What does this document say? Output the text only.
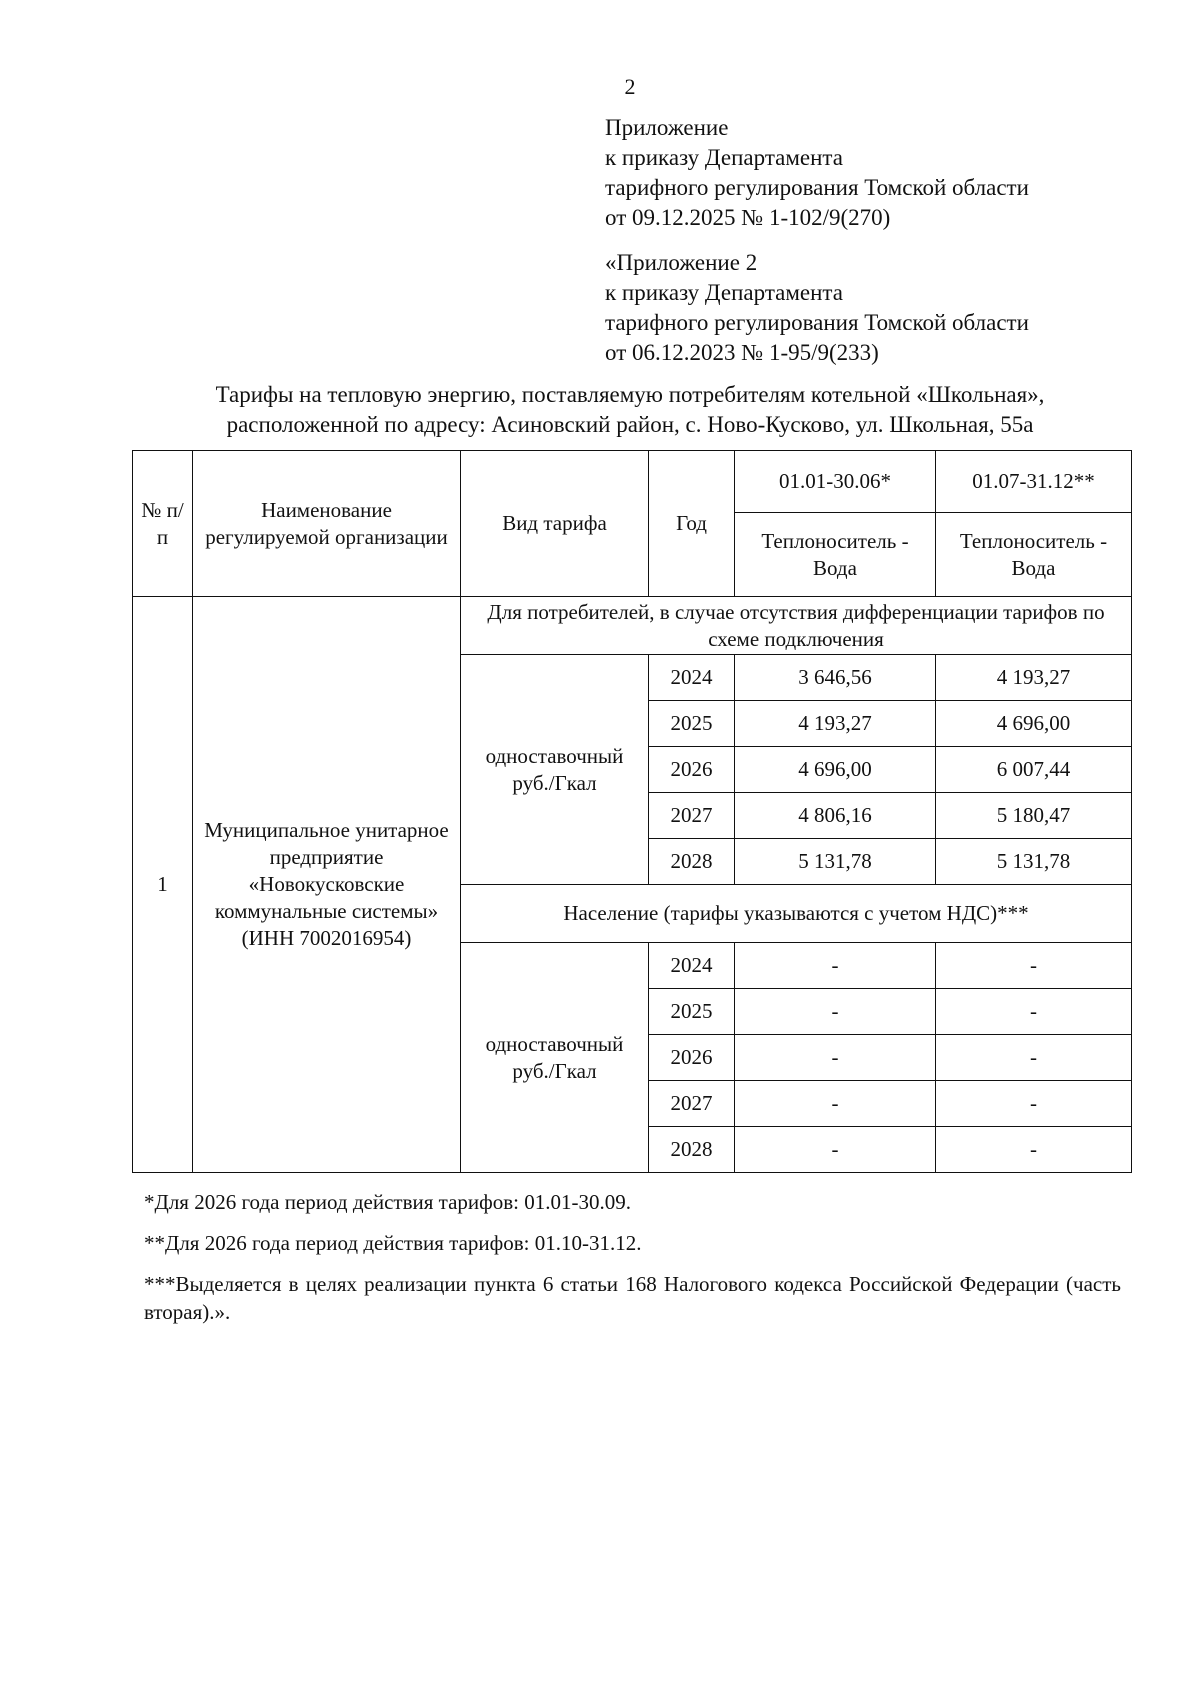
2
Приложение
к приказу Департамента
тарифного регулирования Томской области
от 09.12.2025 № 1-102/9(270)
«Приложение 2
к приказу Департамента
тарифного регулирования Томской области
от 06.12.2023 № 1-95/9(233)
Тарифы на тепловую энергию, поставляемую потребителям котельной «Школьная»,
расположенной по адресу: Асиновский район, с. Ново-Кусково, ул. Школьная, 55а
№ п/п	Наименование регулируемой организации	Вид тарифа	Год	01.01-30.06*	01.07-31.12**
				Теплоноситель - Вода	Теплоноситель - Вода
1	Муниципальное унитарное предприятие «Новокусковские коммунальные системы» (ИНН 7002016954)	Для потребителей, в случае отсутствия дифференциации тарифов по схеме подключения			
		одноставочный руб./Гкал	2024	3 646,56	4 193,27
			2025	4 193,27	4 696,00
			2026	4 696,00	6 007,44
			2027	4 806,16	5 180,47
			2028	5 131,78	5 131,78
		Население (тарифы указываются с учетом НДС)***			
		одноставочный руб./Гкал	2024	-	-
			2025	-	-
			2026	-	-
			2027	-	-
			2028	-	-

*Для 2026 года период действия тарифов: 01.01-30.09.

**Для 2026 года период действия тарифов: 01.10-31.12.

***Выделяется в целях реализации пункта 6 статьи 168 Налогового кодекса Российской Федерации (часть вторая).».
